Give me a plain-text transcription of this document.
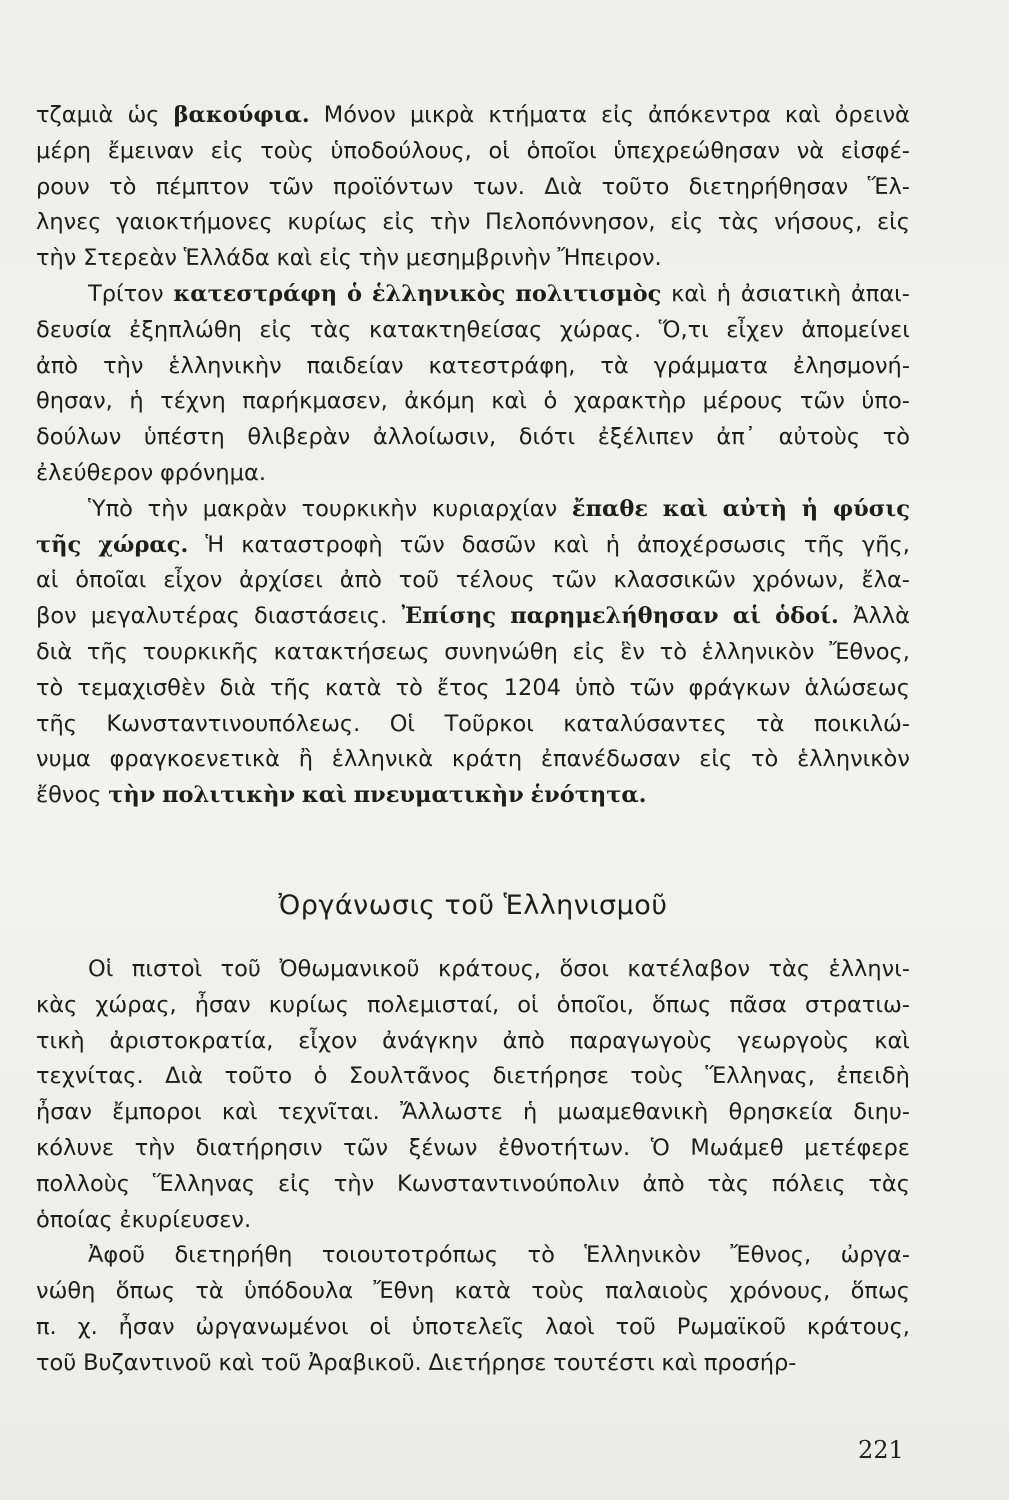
τζαμιὰ ὡς βακούφια. Μόνον μικρὰ κτήματα εἰς ἀπόκεντρα καὶ ὀρεινὰ
μέρη ἔμειναν εἰς τοὺς ὑποδούλους, οἱ ὁποῖοι ὑπεχρεώθησαν νὰ εἰσφέ-
ρουν τὸ πέμπτον τῶν προϊόντων των. Διὰ τοῦτο διετηρήθησαν Ἕλ-
ληνες γαιοκτήμονες κυρίως εἰς τὴν Πελοπόννησον, εἰς τὰς νήσους, εἰς
τὴν Στερεὰν Ἑλλάδα καὶ εἰς τὴν μεσημβρινὴν Ἤπειρον.
Τρίτον κατεστράφη ὁ ἑλληνικὸς πολιτισμὸς καὶ ἡ ἀσιατικὴ ἀπαι-
δευσία ἐξηπλώθη εἰς τὰς κατακτηθείσας χώρας. Ὅ,τι εἶχεν ἀπομείνει
ἀπὸ τὴν ἑλληνικὴν παιδείαν κατεστράφη, τὰ γράμματα ἐλησμονή-
θησαν, ἡ τέχνη παρήκμασεν, ἀκόμη καὶ ὁ χαρακτὴρ μέρους τῶν ὑπο-
δούλων ὑπέστη θλιβερὰν ἀλλοίωσιν, διότι ἐξέλιπεν ἀπ᾽ αὐτοὺς τὸ
ἐλεύθερον φρόνημα.
Ὑπὸ τὴν μακρὰν τουρκικὴν κυριαρχίαν ἔπαθε καὶ αὐτὴ ἡ φύσις
τῆς χώρας. Ἡ καταστροφὴ τῶν δασῶν καὶ ἡ ἀποχέρσωσις τῆς γῆς,
αἱ ὁποῖαι εἶχον ἀρχίσει ἀπὸ τοῦ τέλους τῶν κλασσικῶν χρόνων, ἔλα-
βον μεγαλυτέρας διαστάσεις. Ἐπίσης παρημελήθησαν αἱ ὁδοί. Ἀλλὰ
διὰ τῆς τουρκικῆς κατακτήσεως συνηνώθη εἰς ἓν τὸ ἑλληνικὸν Ἔθνος,
τὸ τεμαχισθὲν διὰ τῆς κατὰ τὸ ἔτος 1204 ὑπὸ τῶν φράγκων ἁλώσεως
τῆς Κωνσταντινουπόλεως. Οἱ Τοῦρκοι καταλύσαντες τὰ ποικιλώ-
νυμα φραγκοενετικὰ ἢ ἑλληνικὰ κράτη ἐπανέδωσαν εἰς τὸ ἑλληνικὸν
ἔθνος τὴν πολιτικὴν καὶ πνευματικὴν ἑνότητα.
Ὀργάνωσις τοῦ Ἑλληνισμοῦ
Οἱ πιστοὶ τοῦ Ὀθωμανικοῦ κράτους, ὅσοι κατέλαβον τὰς ἑλληνι-
κὰς χώρας, ἦσαν κυρίως πολεμισταί, οἱ ὁποῖοι, ὅπως πᾶσα στρατιω-
τικὴ ἀριστοκρατία, εἶχον ἀνάγκην ἀπὸ παραγωγοὺς γεωργοὺς καὶ
τεχνίτας. Διὰ τοῦτο ὁ Σουλτᾶνος διετήρησε τοὺς Ἕλληνας, ἐπειδὴ
ἦσαν ἔμποροι καὶ τεχνῖται. Ἄλλωστε ἡ μωαμεθανικὴ θρησκεία διηυ-
κόλυνε τὴν διατήρησιν τῶν ξένων ἐθνοτήτων. Ὁ Μωάμεθ μετέφερε
πολλοὺς Ἕλληνας εἰς τὴν Κωνσταντινούπολιν ἀπὸ τὰς πόλεις τὰς
ὁποίας ἐκυρίευσεν.
Ἀφοῦ διετηρήθη τοιουτοτρόπως τὸ Ἑλληνικὸν Ἔθνος, ὠργα-
νώθη ὅπως τὰ ὑπόδουλα Ἔθνη κατὰ τοὺς παλαιοὺς χρόνους, ὅπως
π. χ. ἦσαν ὠργανωμένοι οἱ ὑποτελεῖς λαοὶ τοῦ Ρωμαϊκοῦ κράτους,
τοῦ Βυζαντινοῦ καὶ τοῦ Ἀραβικοῦ. Διετήρησε τουτέστι καὶ προσήρ-
221
